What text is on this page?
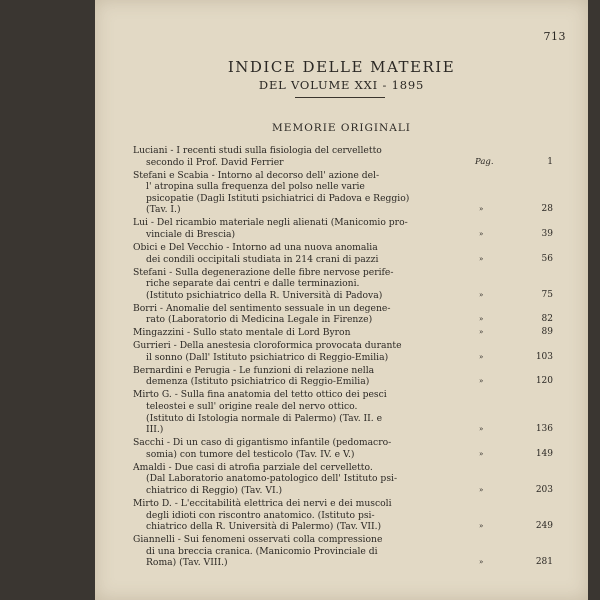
713
INDICE DELLE MATERIE
DEL VOLUME XXI - 1895
MEMORIE ORIGINALI
Luciani - I recenti studi sulla fisiologia del cervelletto
secondo il Prof. David Ferrier	Pag.	1
Stefani e Scabia - Intorno al decorso dell' azione del-
l' atropina sulla frequenza del polso nelle varie
psicopatie (Dagli Istituti psichiatrici di Padova e Reggio)
(Tav. I.)	»	28
Lui - Del ricambio materiale negli alienati (Manicomio pro-
vinciale di Brescia)	»	39
Obici e Del Vecchio - Intorno ad una nuova anomalia
dei condili occipitali studiata in 214 crani di pazzi	»	56
Stefani - Sulla degenerazione delle fibre nervose perife-
riche separate dai centri e dalle terminazioni.
(Istituto psichiatrico della R. Università di Padova)	»	75
Borri - Anomalie del sentimento sessuale in un degene-
rato (Laboratorio di Medicina Legale in Firenze)	»	82
Mingazzini - Sullo stato mentale di Lord Byron	»	89
Gurrieri - Della anestesia cloroformica provocata durante
il sonno (Dall' Istituto psichiatrico di Reggio-Emilia)	»	103
Bernardini e Perugia - Le funzioni di relazione nella
demenza (Istituto psichiatrico di Reggio-Emilia)	»	120
Mirto G. - Sulla fina anatomia del tetto ottico dei pesci
teleostei e sull' origine reale del nervo ottico.
(Istituto di Istologia normale di Palermo) (Tav. II. e
III.)	»	136
Sacchi - Di un caso di gigantismo infantile (pedomacro-
somia) con tumore del testicolo (Tav. IV. e V.)	»	149
Amaldi - Due casi di atrofia parziale del cervelletto.
(Dal Laboratorio anatomo-patologico dell' Istituto psi-
chiatrico di Reggio) (Tav. VI.)	»	203
Mirto D. - L'eccitabilità elettrica dei nervi e dei muscoli
degli idioti con riscontro anatomico. (Istituto psi-
chiatrico della R. Università di Palermo) (Tav. VII.)	»	249
Giannelli - Sui fenomeni osservati colla compressione
di una breccia cranica. (Manicomio Provinciale di
Roma) (Tav. VIII.)	»	281
